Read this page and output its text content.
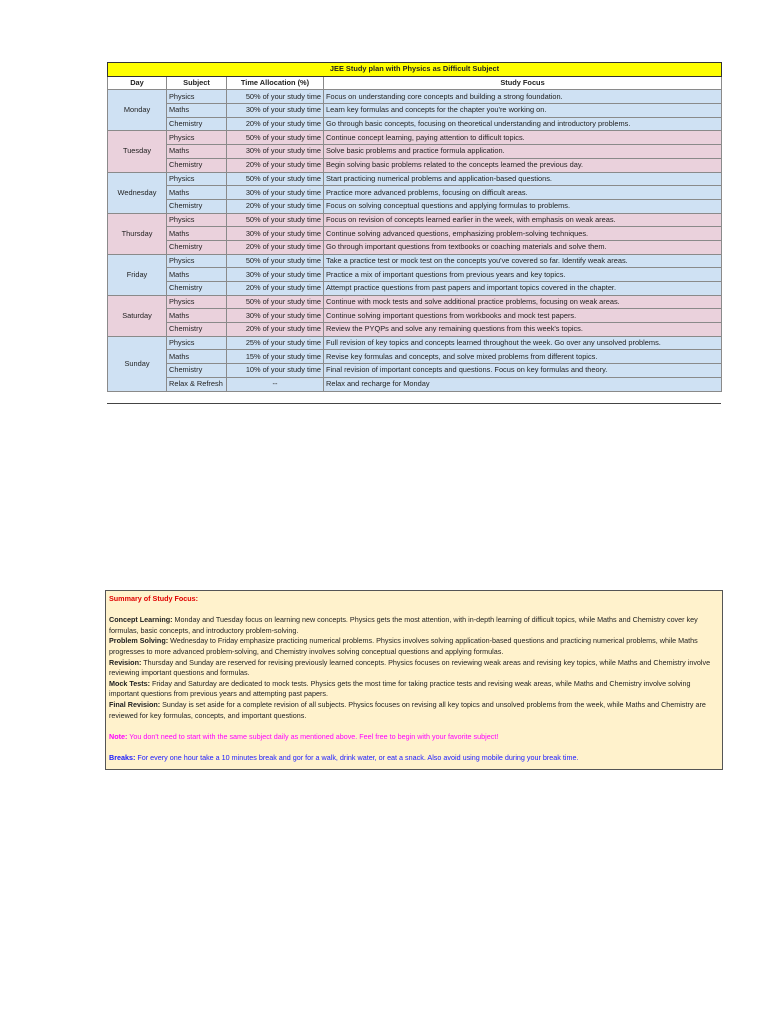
JEE Study plan with Physics as Difficult Subject			
Day	Subject	Time Allocation (%)	Study Focus
Monday	Physics	50% of your study time	Focus on understanding core concepts and building a strong foundation.
	Maths	30% of your study time	Learn key formulas and concepts for the chapter you're working on.
	Chemistry	20% of your study time	Go through basic concepts, focusing on theoretical understanding and introductory problems.
Tuesday	Physics	50% of your study time	Continue concept learning, paying attention to difficult topics.
	Maths	30% of your study time	Solve basic problems and practice formula application.
	Chemistry	20% of your study time	Begin solving basic problems related to the concepts learned the previous day.
Wednesday	Physics	50% of your study time	Start practicing numerical problems and application-based questions.
	Maths	30% of your study time	Practice more advanced problems, focusing on difficult areas.
	Chemistry	20% of your study time	Focus on solving conceptual questions and applying formulas to problems.
Thursday	Physics	50% of your study time	Focus on revision of concepts learned earlier in the week, with emphasis on weak areas.
	Maths	30% of your study time	Continue solving advanced questions, emphasizing problem-solving techniques.
	Chemistry	20% of your study time	Go through important questions from textbooks or coaching materials and solve them.
Friday	Physics	50% of your study time	Take a practice test or mock test on the concepts you've covered so far. Identify weak areas.
	Maths	30% of your study time	Practice a mix of important questions from previous years and key topics.
	Chemistry	20% of your study time	Attempt practice questions from past papers and important topics covered in the chapter.
Saturday	Physics	50% of your study time	Continue with mock tests and solve additional practice problems, focusing on weak areas.
	Maths	30% of your study time	Continue solving important questions from workbooks and mock test papers.
	Chemistry	20% of your study time	Review the PYQPs and solve any remaining questions from this week's topics.
Sunday	Physics	25% of your study time	Full revision of key topics and concepts learned throughout the week. Go over any unsolved problems.
	Maths	15% of your study time	Revise key formulas and concepts, and solve mixed problems from different topics.
	Chemistry	10% of your study time	Final revision of important concepts and questions. Focus on key formulas and theory.
	Relax & Refresh	--	Relax and recharge for Monday

Summary of Study Focus:

Concept Learning: Monday and Tuesday focus on learning new concepts. Physics gets the most attention, with in-depth learning of difficult topics, while Maths and Chemistry cover key formulas, basic concepts, and introductory problem-solving.

Problem Solving: Wednesday to Friday emphasize practicing numerical problems. Physics involves solving application-based questions and practicing numerical problems, while Maths progresses to more advanced problem-solving, and Chemistry involves solving conceptual questions and applying formulas.

Revision: Thursday and Sunday are reserved for revising previously learned concepts. Physics focuses on reviewing weak areas and revising key topics, while Maths and Chemistry involve reviewing important questions and formulas.

Mock Tests: Friday and Saturday are dedicated to mock tests. Physics gets the most time for taking practice tests and revising weak areas, while Maths and Chemistry involve solving important questions from previous years and attempting past papers.

Final Revision: Sunday is set aside for a complete revision of all subjects. Physics focuses on revising all key topics and unsolved problems from the week, while Maths and Chemistry are reviewed for key formulas, concepts, and important questions.

Note: You don't need to start with the same subject daily as mentioned above. Feel free to begin with your favorite subject!

Breaks: For every one hour take a 10 minutes break and gor for a walk, drink water, or eat a snack. Also avoid using mobile during your break time.
